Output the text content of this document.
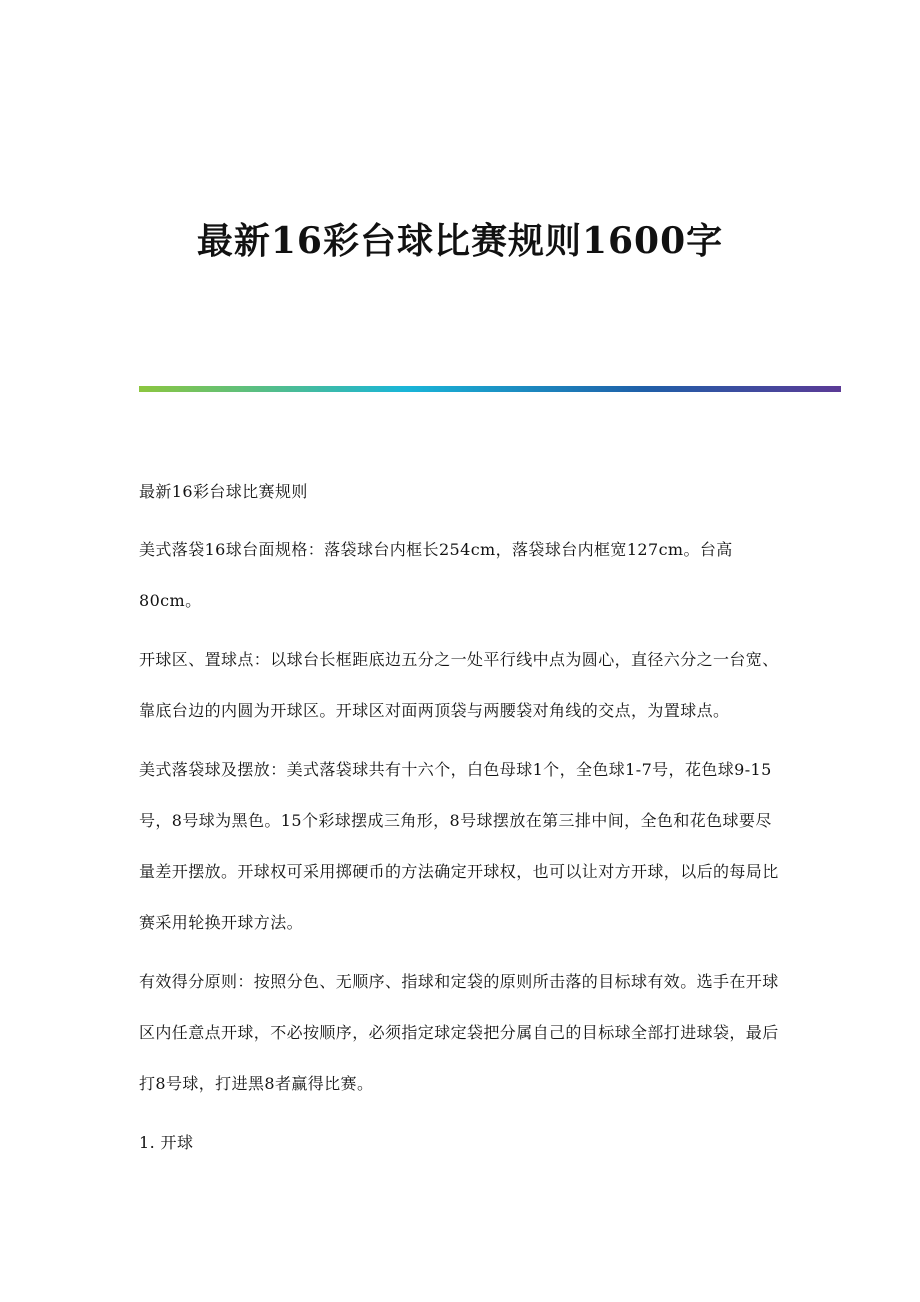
最新16彩台球比赛规则1600字

最新16彩台球比赛规则

美式落袋16球台面规格：落袋球台内框长254cm，落袋球台内框宽127cm。台高80cm。

开球区、置球点：以球台长框距底边五分之一处平行线中点为圆心，直径六分之一台宽、靠底台边的内圆为开球区。开球区对面两顶袋与两腰袋对角线的交点，为置球点。

美式落袋球及摆放：美式落袋球共有十六个，白色母球1个，全色球1-7号，花色球9-15号，8号球为黑色。15个彩球摆成三角形，8号球摆放在第三排中间，全色和花色球要尽量差开摆放。开球权可采用掷硬币的方法确定开球权，也可以让对方开球，以后的每局比赛采用轮换开球方法。

有效得分原则：按照分色、无顺序、指球和定袋的原则所击落的目标球有效。选手在开球区内任意点开球，不必按顺序，必须指定球定袋把分属自己的目标球全部打进球袋，最后打8号球，打进黑8者赢得比赛。

1. 开球
